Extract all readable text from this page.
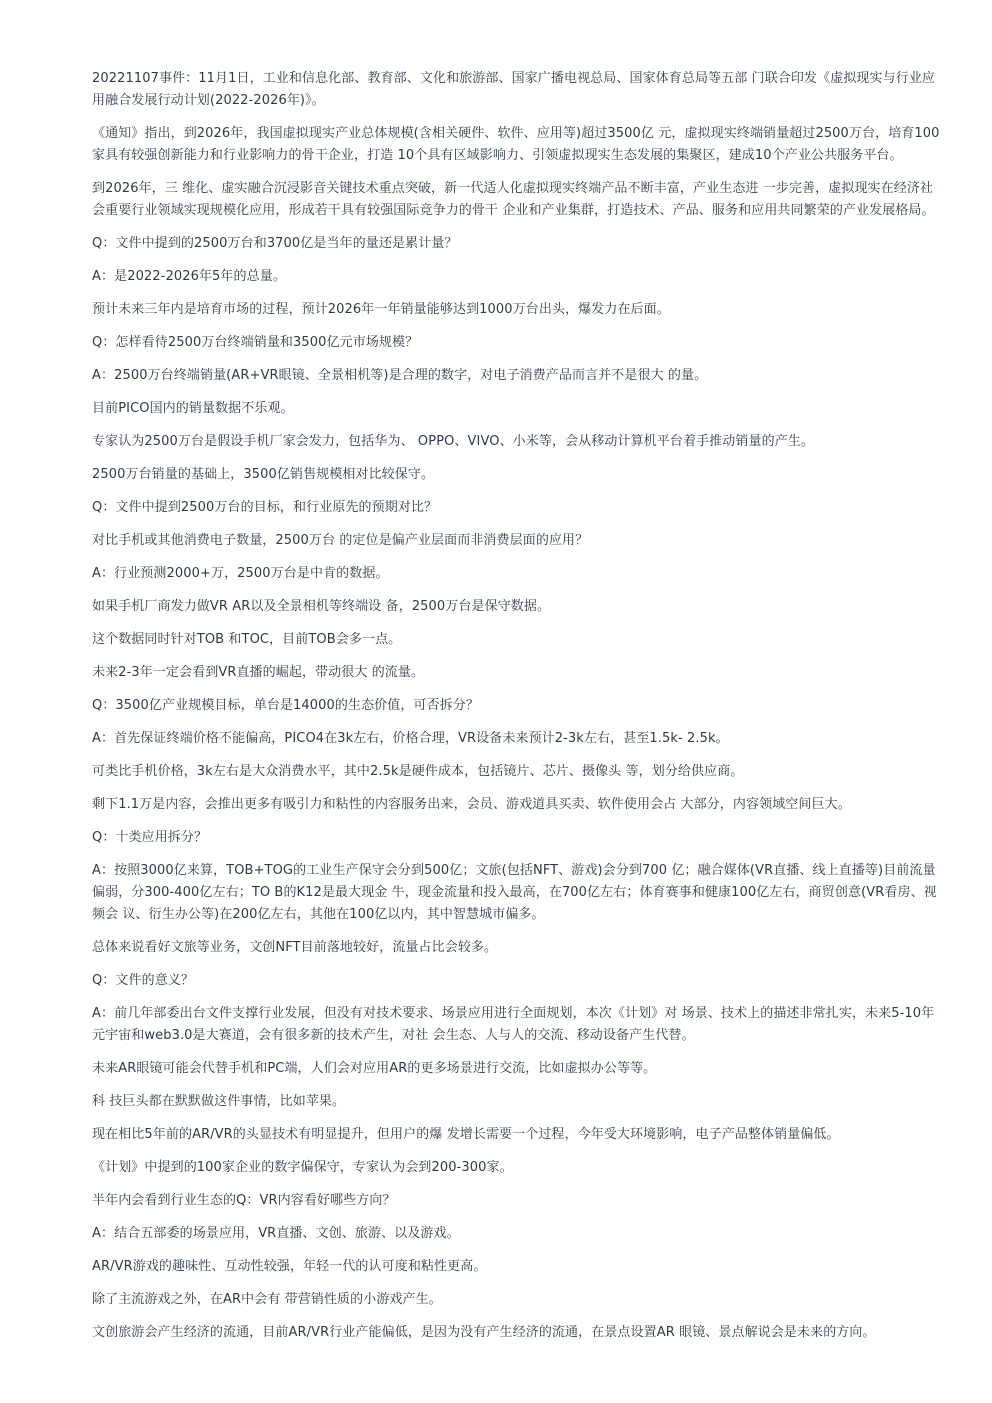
20221107事件：11月1日，工业和信息化部、教育部、文化和旅游部、国家广播电视总局、国家体育总局等五部 门联合印发《虚拟现实与行业应用融合发展行动计划(2022-2026年)》。

《通知》指出，到2026年，我国虚拟现实产业总体规模(含相关硬件、软件、应用等)超过3500亿 元，虚拟现实终端销量超过2500万台，培育100家具有较强创新能力和行业影响力的骨干企业，打造 10个具有区域影响力、引领虚拟现实生态发展的集聚区，建成10个产业公共服务平台。

到2026年，三 维化、虚实融合沉浸影音关键技术重点突破，新一代适人化虚拟现实终端产品不断丰富，产业生态进 一步完善，虚拟现实在经济社会重要行业领域实现规模化应用，形成若干具有较强国际竞争力的骨干 企业和产业集群，打造技术、产品、服务和应用共同繁荣的产业发展格局。

Q：文件中提到的2500万台和3700亿是当年的量还是累计量？

A：是2022-2026年5年的总量。

预计未来三年内是培育市场的过程，预计2026年一年销量能够达到1000万台出头，爆发力在后面。

Q：怎样看待2500万台终端销量和3500亿元市场规模？

A：2500万台终端销量(AR+VR眼镜、全景相机等)是合理的数字，对电子消费产品而言并不是很大 的量。

目前PICO国内的销量数据不乐观。

专家认为2500万台是假设手机厂家会发力，包括华为、 OPPO、VIVO、小米等，会从移动计算机平台着手推动销量的产生。

2500万台销量的基础上，3500亿销售规模相对比较保守。

Q：文件中提到2500万台的目标，和行业原先的预期对比？

对比手机或其他消费电子数量，2500万台 的定位是偏产业层面而非消费层面的应用？

A：行业预测2000+万，2500万台是中肯的数据。

如果手机厂商发力做VR AR以及全景相机等终端设 备，2500万台是保守数据。

这个数据同时针对TOB 和TOC，目前TOB会多一点。

未来2-3年一定会看到VR直播的崛起，带动很大 的流量。

Q：3500亿产业规模目标，单台是14000的生态价值，可否拆分？

A：首先保证终端价格不能偏高，PICO4在3k左右，价格合理，VR设备未来预计2-3k左右，甚至1.5k- 2.5k。

可类比手机价格，3k左右是大众消费水平，其中2.5k是硬件成本，包括镜片、芯片、摄像头 等，划分给供应商。

剩下1.1万是内容，会推出更多有吸引力和粘性的内容服务出来，会员、游戏道具买卖、软件使用会占 大部分，内容领域空间巨大。

Q：十类应用拆分？

A：按照3000亿来算，TOB+TOG的工业生产保守会分到500亿；文旅(包括NFT、游戏)会分到700 亿；融合媒体(VR直播、线上直播等)目前流量偏弱，分300-400亿左右；TO B的K12是最大现金 牛，现金流量和投入最高，在700亿左右；体育赛事和健康100亿左右，商贸创意(VR看房、视频会 议、衍生办公等)在200亿左右，其他在100亿以内，其中智慧城市偏多。

总体来说看好文旅等业务，文创NFT目前落地较好，流量占比会较多。

Q：文件的意义？

A：前几年部委出台文件支撑行业发展，但没有对技术要求、场景应用进行全面规划，本次《计划》对 场景、技术上的描述非常扎实，未来5-10年元宇宙和web3.0是大赛道，会有很多新的技术产生，对社 会生态、人与人的交流、移动设备产生代替。

未来AR眼镜可能会代替手机和PC端，人们会对应用AR的更多场景进行交流，比如虚拟办公等等。

科 技巨头都在默默做这件事情，比如苹果。

现在相比5年前的AR/VR的头显技术有明显提升，但用户的爆 发增长需要一个过程，今年受大环境影响，电子产品整体销量偏低。

《计划》中提到的100家企业的数字偏保守，专家认为会到200-300家。

半年内会看到行业生态的Q：VR内容看好哪些方向？

A：结合五部委的场景应用，VR直播、文创、旅游、以及游戏。

AR/VR游戏的趣味性、互动性较强，年轻一代的认可度和粘性更高。

除了主流游戏之外，在AR中会有 带营销性质的小游戏产生。

文创旅游会产生经济的流通，目前AR/VR行业产能偏低，是因为没有产生经济的流通，在景点设置AR 眼镜、景点解说会是未来的方向。
